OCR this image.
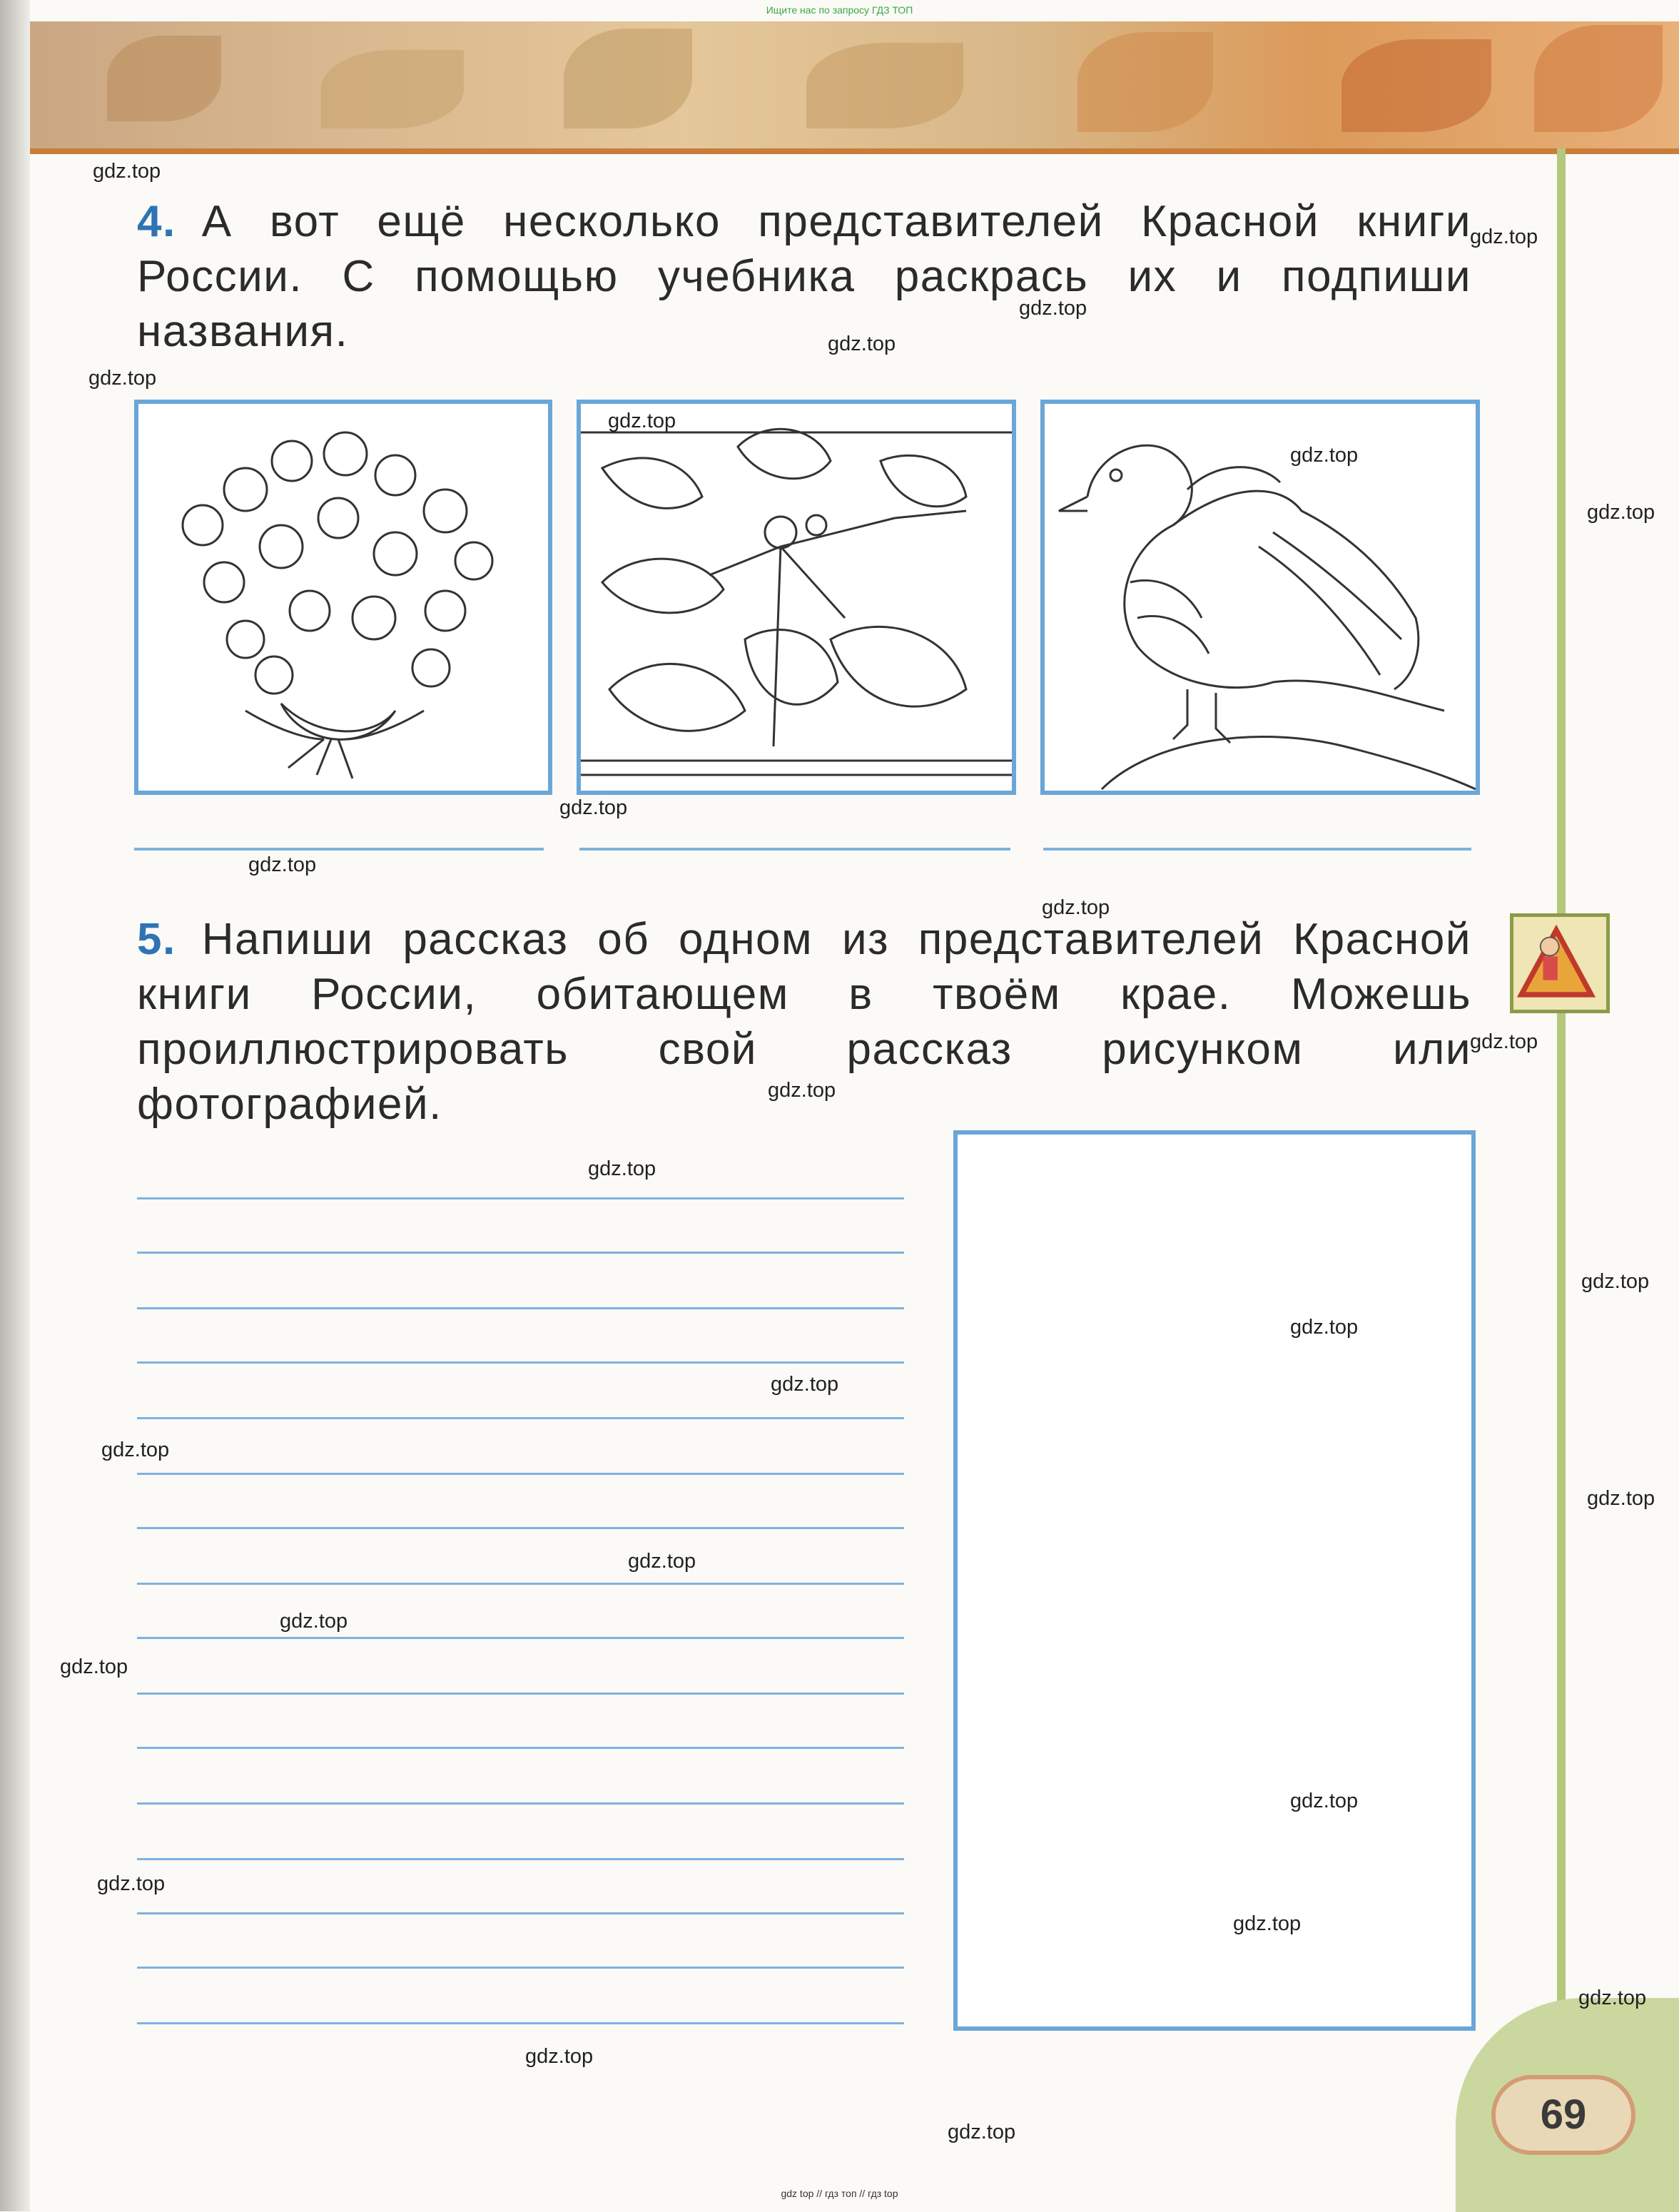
Ищите нас по запросу ГДЗ ТОП
4. А вот ещё несколько представителей Красной книги России. С помощью учебника раскрась их и подпиши названия.
5. Напиши рассказ об одном из представителей Красной книги России, обитающем в твоём крае. Можешь проиллюстрировать свой рассказ рисунком или фотографией.
69
gdz.top
gdz.top
gdz.top
gdz.top
gdz.top
gdz.top
gdz.top
gdz.top
gdz.top
gdz.top
gdz.top
gdz.top
gdz.top
gdz.top
gdz.top
gdz.top
gdz.top
gdz.top
gdz.top
gdz.top
gdz.top
gdz.top
gdz.top
gdz.top
gdz.top
gdz.top
gdz.top
gdz.top
gdz top // гдз топ // гдз top
